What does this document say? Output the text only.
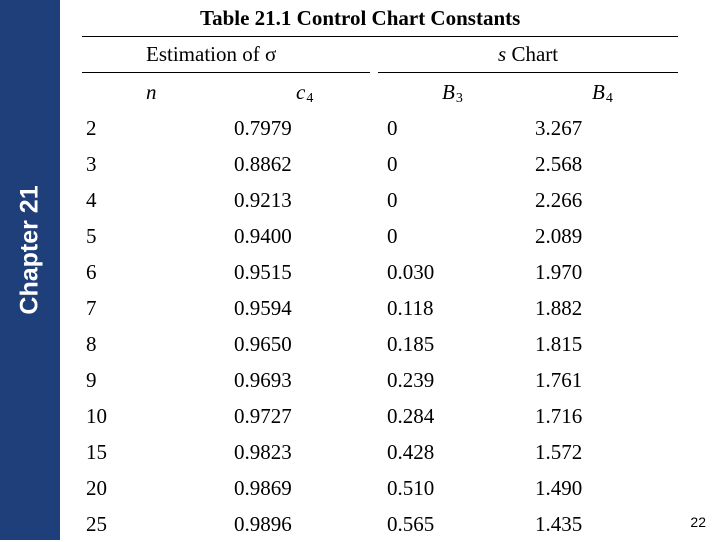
Chapter 21
Table 21.1 Control Chart Constants
Estimation of σ	s Chart
n	$c_4$	$B_3$	$B_4$
2	0.7979	0	3.267
3	0.8862	0	2.568
4	0.9213	0	2.266
5	0.9400	0	2.089
6	0.9515	0.030	1.970
7	0.9594	0.118	1.882
8	0.9650	0.185	1.815
9	0.9693	0.239	1.761
10	0.9727	0.284	1.716
15	0.9823	0.428	1.572
20	0.9869	0.510	1.490
25	0.9896	0.565	1.435	22
